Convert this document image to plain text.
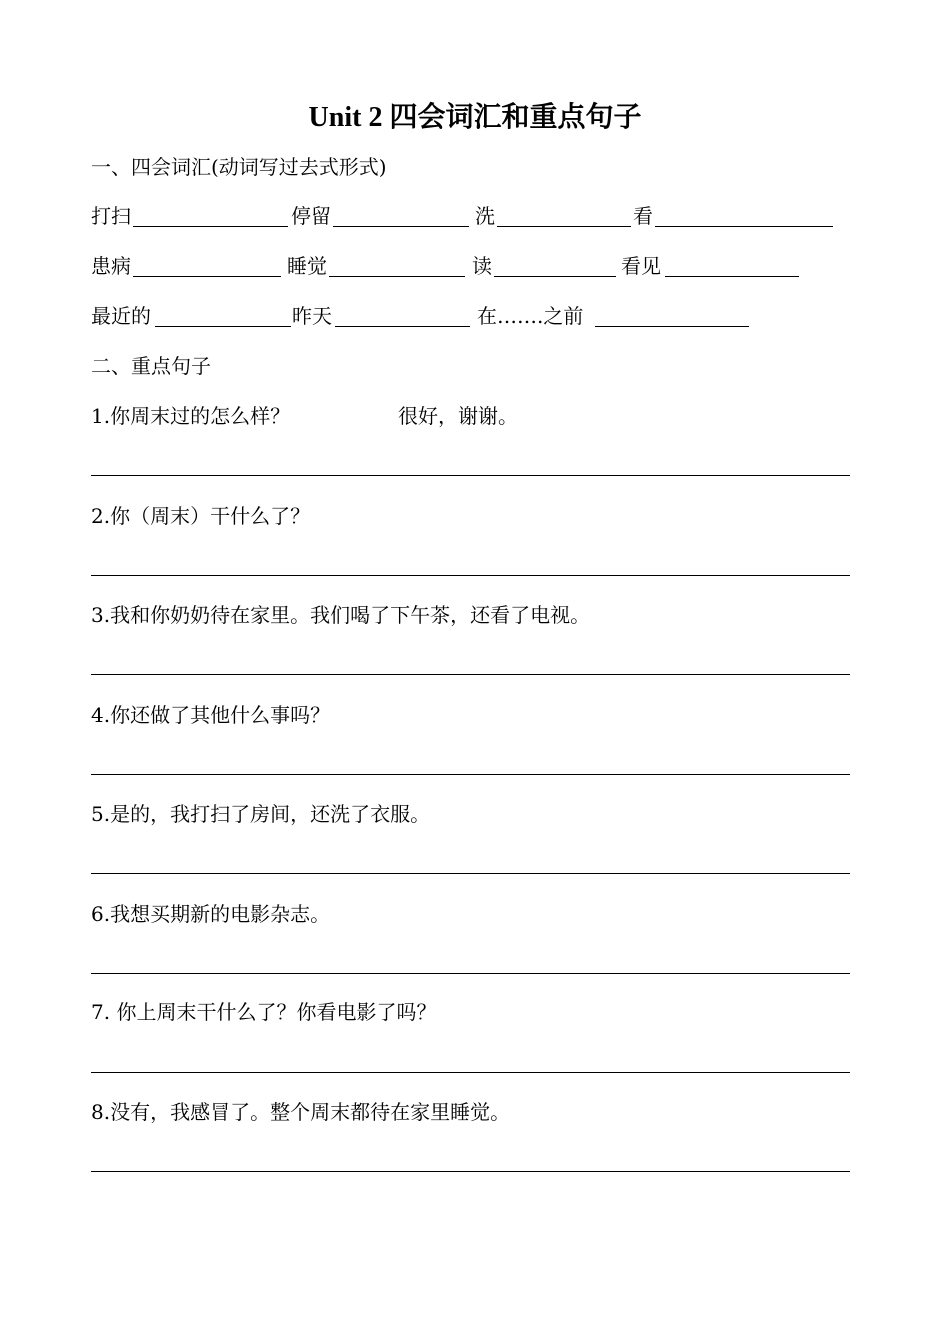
Unit 2 四会词汇和重点句子
一、四会词汇(动词写过去式形式)
打扫	停留	洗	看
患病	睡觉	读	看见
最近的	昨天	在…….之前
二、重点句子
1.你周末过的怎么样？	很好，谢谢。
2.你（周末）干什么了？
3.我和你奶奶待在家里。我们喝了下午茶，还看了电视。
4.你还做了其他什么事吗？
5.是的，我打扫了房间，还洗了衣服。
6.我想买期新的电影杂志。
7. 你上周末干什么了？你看电影了吗？
8.没有，我感冒了。整个周末都待在家里睡觉。
